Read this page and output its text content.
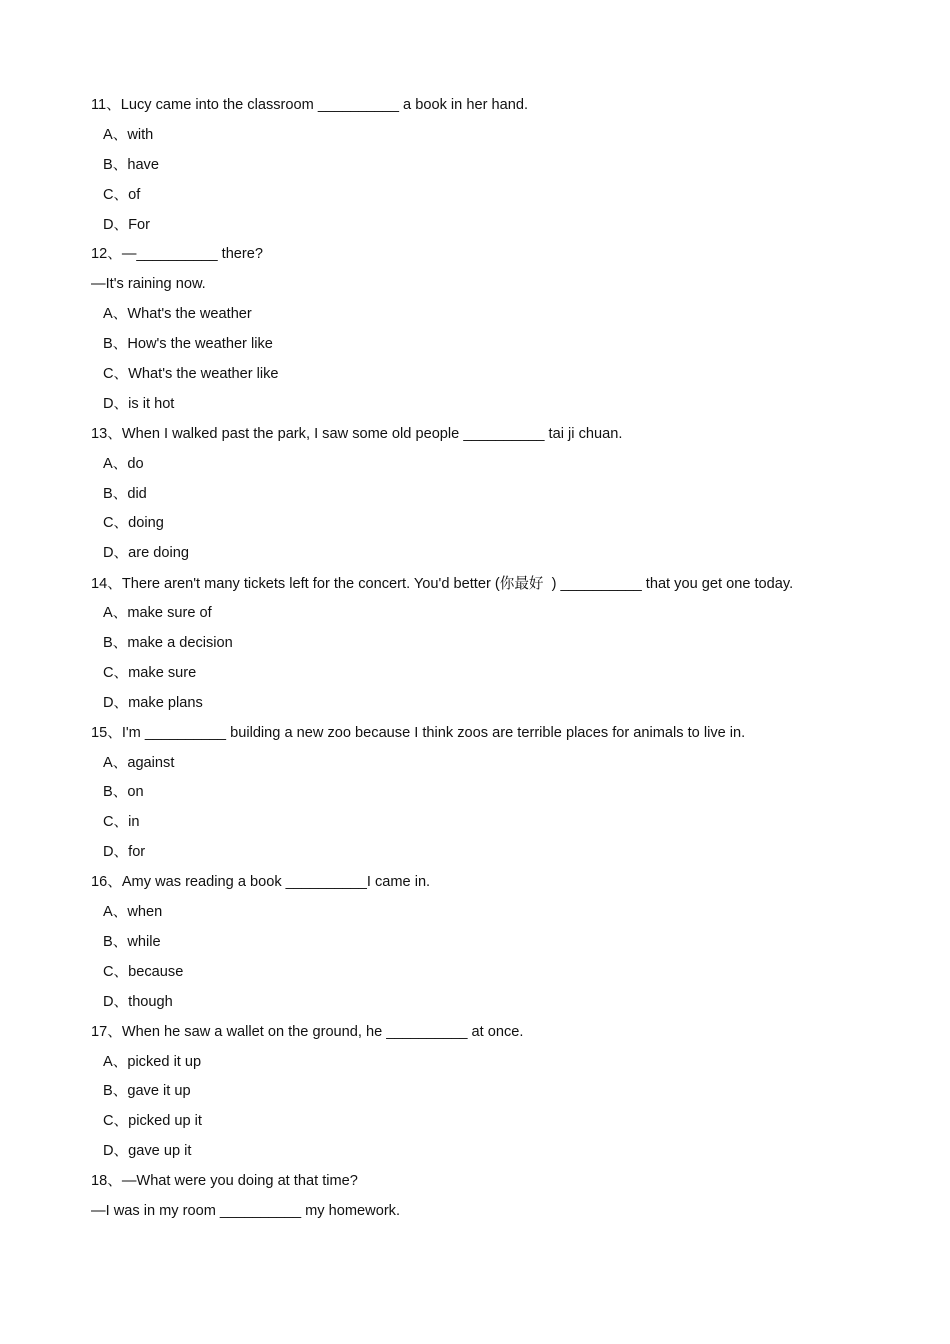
11、Lucy came into the classroom __________ a book in her hand.
A、with
B、have
C、of
D、For
12、—__________ there?
—It's raining now.
A、What's the weather
B、How's the weather like
C、What's the weather like
D、is it hot
13、When I walked past the park, I saw some old people __________ tai ji chuan.
A、do
B、did
C、doing
D、are doing
14、There aren't many tickets left for the concert. You'd better (你最好  ) __________ that you get one today.
A、make sure of
B、make a decision
C、make sure
D、make plans
15、I'm __________ building a new zoo because I think zoos are terrible places for animals to live in.
A、against
B、on
C、in
D、for
16、Amy was reading a book __________I came in.
A、when
B、while
C、because
D、though
17、When he saw a wallet on the ground, he __________ at once.
A、picked it up
B、gave it up
C、picked up it
D、gave up it
18、—What were you doing at that time?
—I was in my room __________ my homework.
